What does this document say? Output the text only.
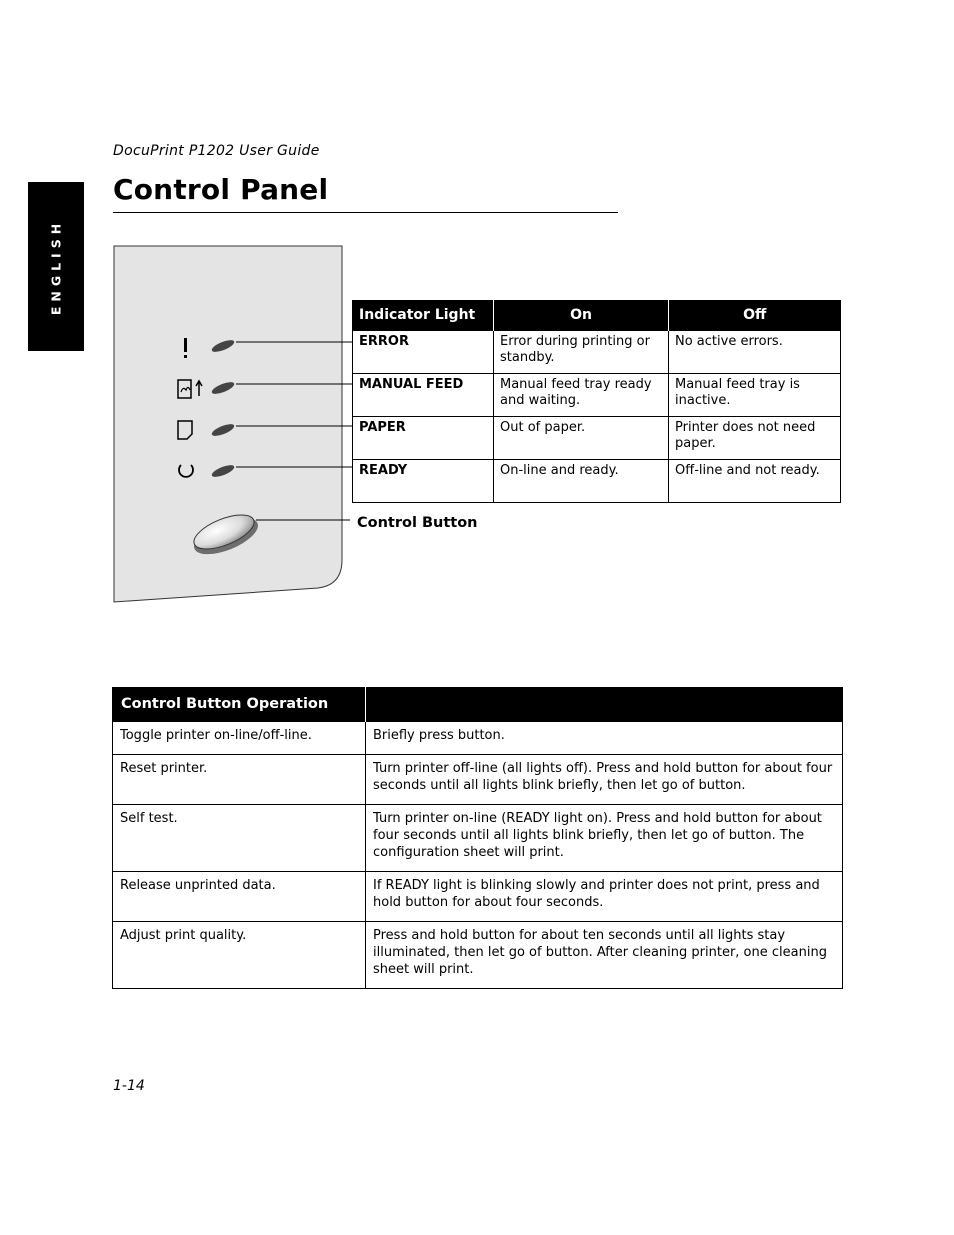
ENGLISH
DocuPrint P1202 User Guide
Control Panel
Indicator Light	On	Off
ERROR	Error during printing or standby.	No active errors.
MANUAL FEED	Manual feed tray ready and waiting.	Manual feed tray is inactive.
PAPER	Out of paper.	Printer does not need paper.
READY	On-line and ready.	Off-line and not ready.
Control Button
Control Button Operation	
Toggle printer on-line/off-line.	Briefly press button.
Reset printer.	Turn printer off-line (all lights off). Press and hold button for about four seconds until all lights blink briefly, then let go of button.
Self test.	Turn printer on-line (READY light on). Press and hold button for about four seconds until all lights blink briefly, then let go of button. The configuration sheet will print.
Release unprinted data.	If READY light is blinking slowly and printer does not print, press and hold button for about four seconds.
Adjust print quality.	Press and hold button for about ten seconds until all lights stay illuminated, then let go of button. After cleaning printer, one cleaning sheet will print.
1-14
